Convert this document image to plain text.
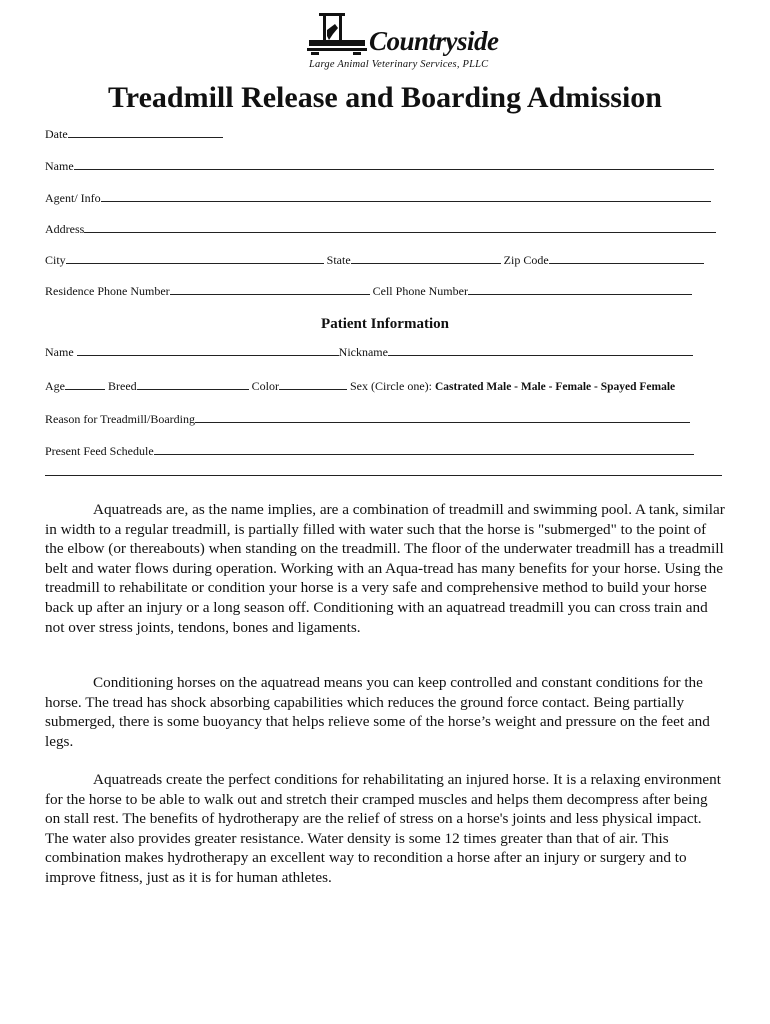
Countryside
Large Animal Veterinary Services, PLLC
Treadmill Release and Boarding Admission
Date
Name
Agent/ Info
Address
City	State	Zip Code
Residence Phone Number	Cell Phone Number
Patient Information
Name	Nickname
Age	Breed	Color	Sex (Circle one): Castrated Male - Male - Female - Spayed Female
Reason for Treadmill/Boarding
Present Feed Schedule

Aquatreads are, as the name implies, are a combination of treadmill and swimming pool. A tank, similar in width to a regular treadmill, is partially filled with water such that the horse is "submerged" to the point of the elbow (or thereabouts) when standing on the treadmill. The floor of the underwater treadmill has a treadmill belt and water flows during operation. Working with an Aqua-tread has many benefits for your horse. Using the treadmill to rehabilitate or condition your horse is a very safe and comprehensive method to build your horse back up after an injury or a long season off. Conditioning with an aquatread treadmill you can cross train and not over stress joints, tendons, bones and ligaments.

Conditioning horses on the aquatread means you can keep controlled and constant conditions for the horse. The tread has shock absorbing capabilities which reduces the ground force contact. Being partially submerged, there is some buoyancy that helps relieve some of the horse’s weight and pressure on the feet and legs.

Aquatreads create the perfect conditions for rehabilitating an injured horse. It is a relaxing environment for the horse to be able to walk out and stretch their cramped muscles and helps them decompress after being on stall rest. The benefits of hydrotherapy are the relief of stress on a horse's joints and less physical impact. The water also provides greater resistance. Water density is some 12 times greater than that of air. This combination makes hydrotherapy an excellent way to recondition a horse after an injury or surgery and to improve fitness, just as it is for human athletes.
